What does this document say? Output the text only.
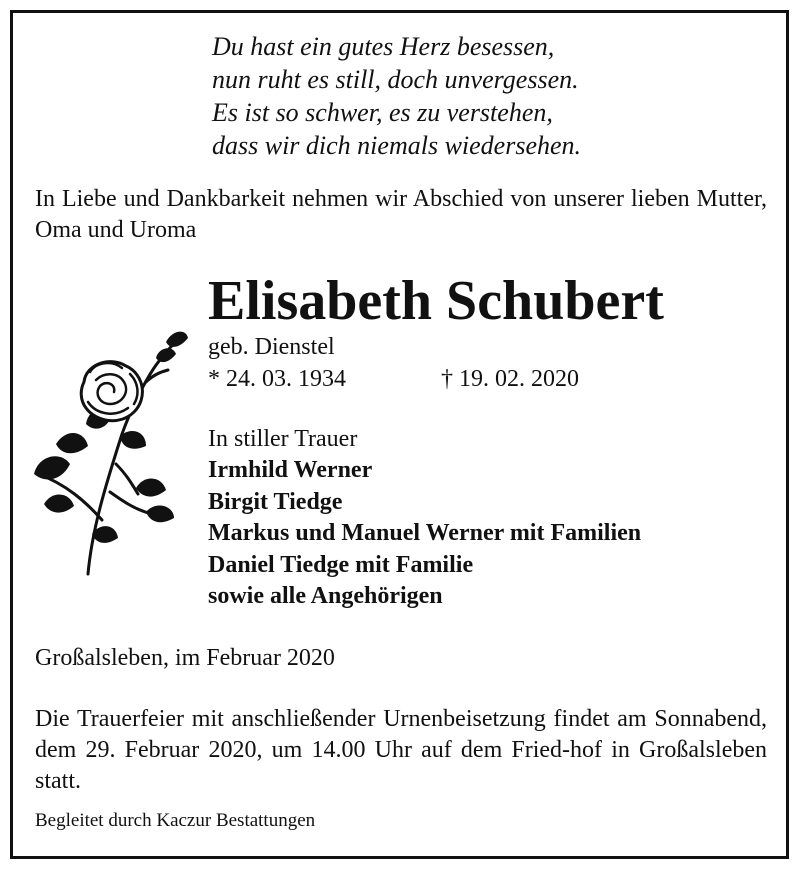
Du hast ein gutes Herz besessen,
nun ruht es still, doch unvergessen.
Es ist so schwer, es zu verstehen,
dass wir dich niemals wiedersehen.
In Liebe und Dankbarkeit nehmen wir Abschied von unserer lieben Mutter, Oma und Uroma
Elisabeth Schubert
geb. Dienstel
* 24. 03. 1934	† 19. 02. 2020
In stiller Trauer
Irmhild Werner
Birgit Tiedge
Markus und Manuel Werner mit Familien
Daniel Tiedge mit Familie
sowie alle Angehörigen
Großalsleben, im Februar 2020
Die Trauerfeier mit anschließender Urnenbeisetzung findet am Sonnabend, dem 29. Februar 2020, um 14.00 Uhr auf dem Fried-hof in Großalsleben statt.
Begleitet durch Kaczur Bestattungen
